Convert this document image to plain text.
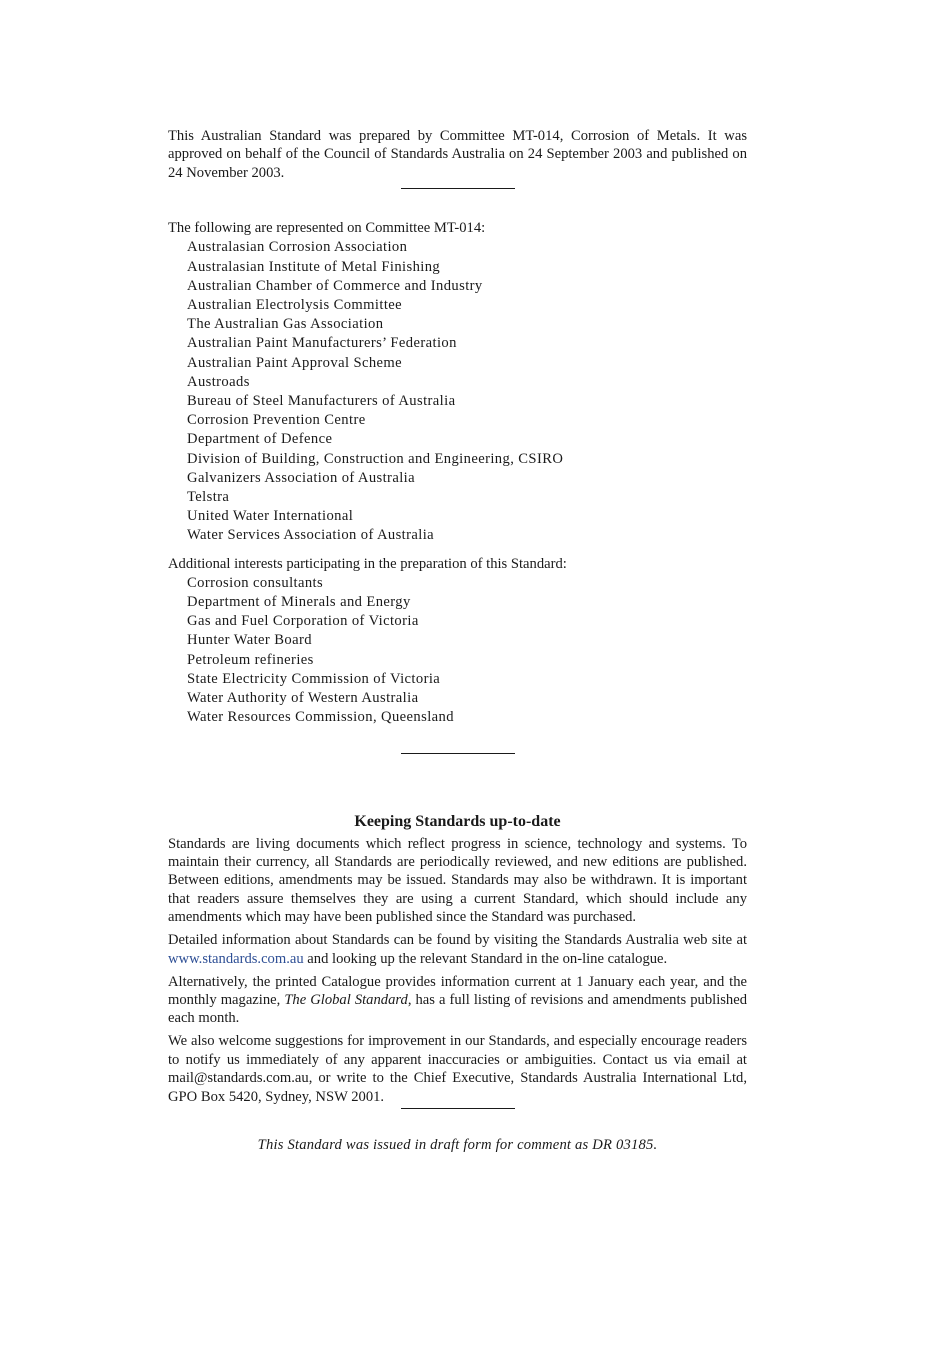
This Australian Standard was prepared by Committee MT-014, Corrosion of Metals. It was approved on behalf of the Council of Standards Australia on 24 September 2003 and published on 24 November 2003.

The following are represented on Committee MT-014:

Australasian Corrosion Association
Australasian Institute of Metal Finishing
Australian Chamber of Commerce and Industry
Australian Electrolysis Committee
The Australian Gas Association
Australian Paint Manufacturers’ Federation
Australian Paint Approval Scheme
Austroads
Bureau of Steel Manufacturers of Australia
Corrosion Prevention Centre
Department of Defence
Division of Building, Construction and Engineering, CSIRO
Galvanizers Association of Australia
Telstra
United Water International
Water Services Association of Australia

Additional interests participating in the preparation of this Standard:

Corrosion consultants
Department of Minerals and Energy
Gas and Fuel Corporation of Victoria
Hunter Water Board
Petroleum refineries
State Electricity Commission of Victoria
Water Authority of Western Australia
Water Resources Commission, Queensland
Keeping Standards up-to-date

Standards are living documents which reflect progress in science, technology and systems. To maintain their currency, all Standards are periodically reviewed, and new editions are published. Between editions, amendments may be issued. Standards may also be withdrawn. It is important that readers assure themselves they are using a current Standard, which should include any amendments which may have been published since the Standard was purchased.

Detailed information about Standards can be found by visiting the Standards Australia web site at www.standards.com.au and looking up the relevant Standard in the on-line catalogue.

Alternatively, the printed Catalogue provides information current at 1 January each year, and the monthly magazine, The Global Standard, has a full listing of revisions and amendments published each month.

We also welcome suggestions for improvement in our Standards, and especially encourage readers to notify us immediately of any apparent inaccuracies or ambiguities. Contact us via email at mail@standards.com.au, or write to the Chief Executive, Standards Australia International Ltd, GPO Box 5420, Sydney, NSW 2001.

This Standard was issued in draft form for comment as DR 03185.
